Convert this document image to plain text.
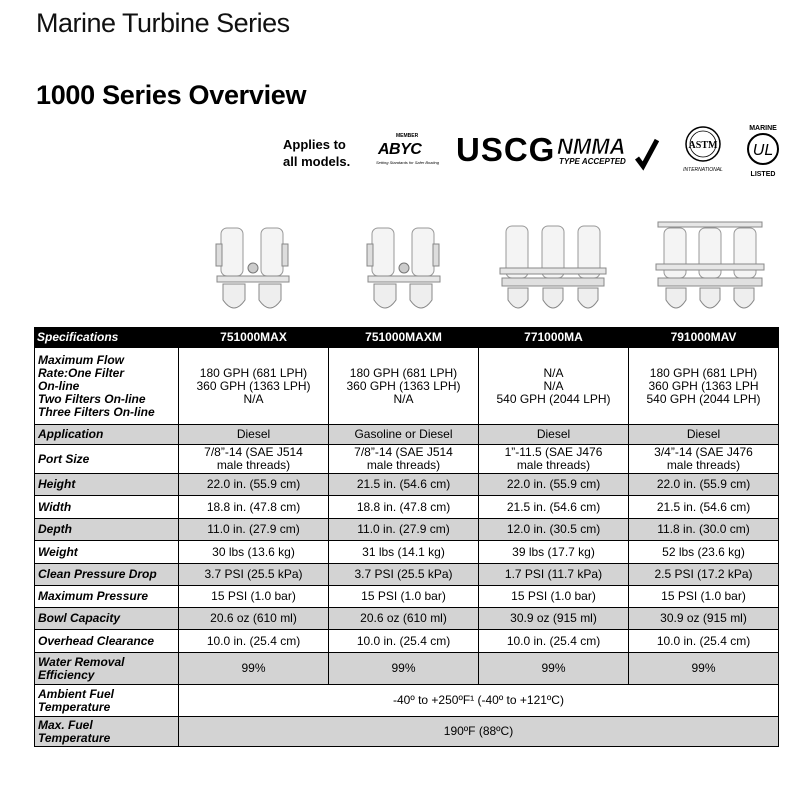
Marine Turbine Series
1000 Series Overview
Applies to
all models.
MEMBER
ABYC
Setting Standards for Safer Boating USCG NMMA
TYPE ACCEPTED
ASTM
INTERNATIONAL
MARINE
UL
LISTED
Specifications	751000MAX	751000MAXM	771000MA	791000MAV
Maximum Flow
Rate:One Filter
On-line
Two Filters On-line
Three Filters On-line	180 GPH (681 LPH)
360 GPH (1363 LPH)
N/A	180 GPH (681 LPH)
360 GPH (1363 LPH)
N/A	N/A
N/A
540 GPH (2044 LPH)	180 GPH (681 LPH)
360 GPH (1363 LPH
540 GPH (2044 LPH)
Application	Diesel	Gasoline or Diesel	Diesel	Diesel
Port Size	7/8”-14 (SAE J514
male threads)	7/8”-14 (SAE J514
male threads)	1”-11.5 (SAE J476
male threads)	3/4”-14 (SAE J476
male threads)
Height	22.0 in. (55.9 cm)	21.5 in. (54.6 cm)	22.0 in. (55.9 cm)	22.0 in. (55.9 cm)
Width	18.8 in. (47.8 cm)	18.8 in. (47.8 cm)	21.5 in. (54.6 cm)	21.5 in. (54.6 cm)
Depth	11.0 in. (27.9 cm)	11.0 in. (27.9 cm)	12.0 in. (30.5 cm)	11.8 in. (30.0 cm)
Weight	30 lbs (13.6 kg)	31 lbs (14.1 kg)	39 lbs (17.7 kg)	52 lbs (23.6 kg)
Clean Pressure Drop	3.7 PSI (25.5 kPa)	3.7 PSI (25.5 kPa)	1.7 PSI (11.7 kPa)	2.5 PSI (17.2 kPa)
Maximum Pressure	15 PSI (1.0 bar)	15 PSI (1.0 bar)	15 PSI (1.0 bar)	15 PSI (1.0 bar)
Bowl Capacity	20.6 oz (610 ml)	20.6 oz (610 ml)	30.9 oz (915 ml)	30.9 oz (915 ml)
Overhead Clearance	10.0 in. (25.4 cm)	10.0 in. (25.4 cm)	10.0 in. (25.4 cm)	10.0 in. (25.4 cm)
Water Removal
Efficiency	99%	99%	99%	99%
Ambient Fuel
Temperature	-40º to +250ºF¹ (-40º to +121ºC)			
Max. Fuel
Temperature	190ºF (88ºC)			
